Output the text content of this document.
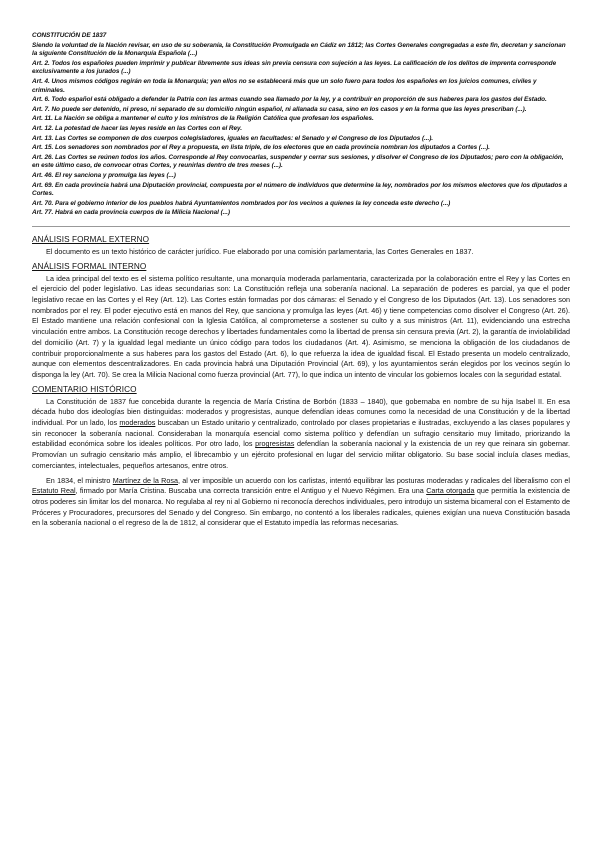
CONSTITUCIÓN DE 1837

Siendo la voluntad de la Nación revisar, en uso de su soberanía, la Constitución Promulgada en Cádiz en 1812; las Cortes Generales congregadas a este fin, decretan y sancionan la siguiente Constitución de la Monarquía Española (...)

Art. 2. Todos los españoles pueden imprimir y publicar libremente sus ideas sin previa censura con sujeción a las leyes. La calificación de los delitos de imprenta corresponde exclusivamente a los jurados (...)

Art. 4. Unos mismos códigos regirán en toda la Monarquía; yen ellos no se establecerá más que un solo fuero para todos los españoles en los juicios comunes, civiles y criminales.

Art. 6. Todo español está obligado a defender la Patria con las armas cuando sea llamado por la ley, y a contribuir en proporción de sus haberes para los gastos del Estado.

Art. 7. No puede ser detenido, ni preso, ni separado de su domicilio ningún español, ni allanada su casa, sino en los casos y en la forma que las leyes prescriban (...).

Art. 11. La Nación se obliga a mantener el culto y los ministros de la Religión Católica que profesan los españoles.

Art. 12. La potestad de hacer las leyes reside en las Cortes con el Rey.

Art. 13. Las Cortes se componen de dos cuerpos colegisladores, iguales en facultades: el Senado y el Congreso de los Diputados (...).

Art. 15. Los senadores son nombrados por el Rey a propuesta, en lista triple, de los electores que en cada provincia nombran los diputados a Cortes (...).

Art. 26. Las Cortes se reúnen todos los años. Corresponde al Rey convocarlas, suspender y cerrar sus sesiones, y disolver el Congreso de los Diputados; pero con la obligación, en este último caso, de convocar otras Cortes, y reunirlas dentro de tres meses (...).

Art. 46. El rey sanciona y promulga las leyes (...)

Art. 69. En cada provincia habrá una Diputación provincial, compuesta por el número de individuos que determine la ley, nombrados por los mismos electores que los diputados a Cortes.

Art. 70. Para el gobierno interior de los pueblos habrá Ayuntamientos nombrados por los vecinos a quienes la ley conceda este derecho (...)

Art. 77. Habrá en cada provincia cuerpos de la Milicia Nacional (...)

ANÁLISIS FORMAL EXTERNO

El documento es un texto histórico de carácter jurídico. Fue elaborado por una comisión parlamentaria, las Cortes Generales en 1837.

ANÁLISIS FORMAL INTERNO

La idea principal del texto es el sistema político resultante, una monarquía moderada parlamentaria, caracterizada por la colaboración entre el Rey y las Cortes en el ejercicio del poder legislativo. Las ideas secundarias son: La Constitución refleja una soberanía nacional. La separación de poderes es parcial, ya que el poder legislativo recae en las Cortes y el Rey (Art. 12). Las Cortes están formadas por dos cámaras: el Senado y el Congreso de los Diputados (Art. 13). Los senadores son nombrados por el rey. El poder ejecutivo está en manos del Rey, que sanciona y promulga las leyes (Art. 46) y tiene competencias como disolver el Congreso (Art. 26). El Estado mantiene una relación confesional con la Iglesia Católica, al comprometerse a sostener su culto y a sus ministros (Art. 11), evidenciando una estrecha vinculación entre ambos. La Constitución recoge derechos y libertades fundamentales como la libertad de prensa sin censura previa (Art. 2), la garantía de inviolabilidad del domicilio (Art. 7) y la igualdad legal mediante un único código para todos los ciudadanos (Art. 4). Asimismo, se menciona la obligación de los ciudadanos de contribuir proporcionalmente a sus haberes para los gastos del Estado (Art. 6), lo que refuerza la idea de igualdad fiscal. El Estado presenta un modelo centralizado, aunque con elementos descentralizadores. En cada provincia habrá una Diputación Provincial (Art. 69), y los ayuntamientos serán elegidos por los vecinos según lo disponga la ley (Art. 70). Se crea la Milicia Nacional como fuerza provincial (Art. 77), lo que indica un intento de vincular los gobiernos locales con la seguridad estatal.

COMENTARIO HISTÓRICO

La Constitución de 1837 fue concebida durante la regencia de María Cristina de Borbón (1833 – 1840), que gobernaba en nombre de su hija Isabel II. En esa década hubo dos ideologías bien distinguidas: moderados y progresistas, aunque defendían ideas comunes como la necesidad de una Constitución y de la libertad individual. Por un lado, los moderados buscaban un Estado unitario y centralizado, controlado por clases propietarias e ilustradas, excluyendo a las clases populares y sin reconocer la soberanía nacional. Consideraban la monarquía esencial como sistema político y defendían un sufragio censitario muy limitado, priorizando la estabilidad económica sobre los ideales políticos. Por otro lado, los progresistas defendían la soberanía nacional y la existencia de un rey que reinara sin gobernar. Promovían un sufragio censitario más amplio, el librecambio y un ejército profesional en lugar del servicio militar obligatorio. Su base social incluía clases medias, comerciantes, intelectuales, pequeños artesanos, entre otros.

En 1834, el ministro Martínez de la Rosa, al ver imposible un acuerdo con los carlistas, intentó equilibrar las posturas moderadas y radicales del liberalismo con el Estatuto Real, firmado por María Cristina. Buscaba una correcta transición entre el Antiguo y el Nuevo Régimen. Era una Carta otorgada que permitía la existencia de otros poderes sin limitar los del monarca. No regulaba al rey ni al Gobierno ni reconocía derechos individuales, pero introdujo un sistema bicameral con el Estamento de Próceres y Procuradores, precursores del Senado y del Congreso. Sin embargo, no contentó a los liberales radicales, quienes exigían una nueva Constitución basada en la soberanía nacional o el regreso de la de 1812, al considerar que el Estatuto impedía las reformas necesarias.
